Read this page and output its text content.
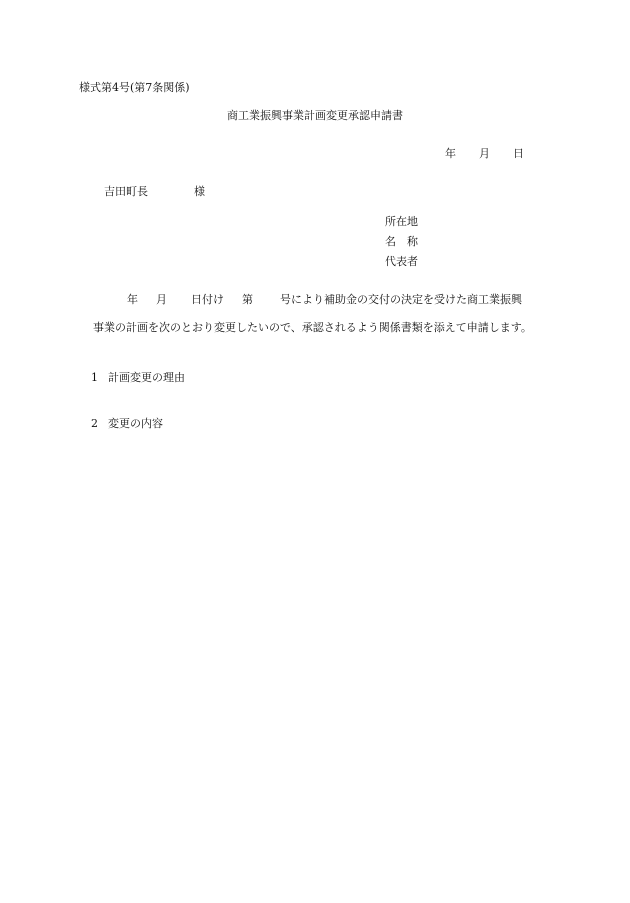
様式第4号(第7条関係)
商工業振興事業計画変更承認申請書
年 月 日
吉田町長	様
所在地
名　称
代表者
年 月 日付け 第 号により補助金の交付の決定を受けた商工業振興
事業の計画を次のとおり変更したいので、承認されるよう関係書類を添えて申請します。
1 計画変更の理由
2 変更の内容
